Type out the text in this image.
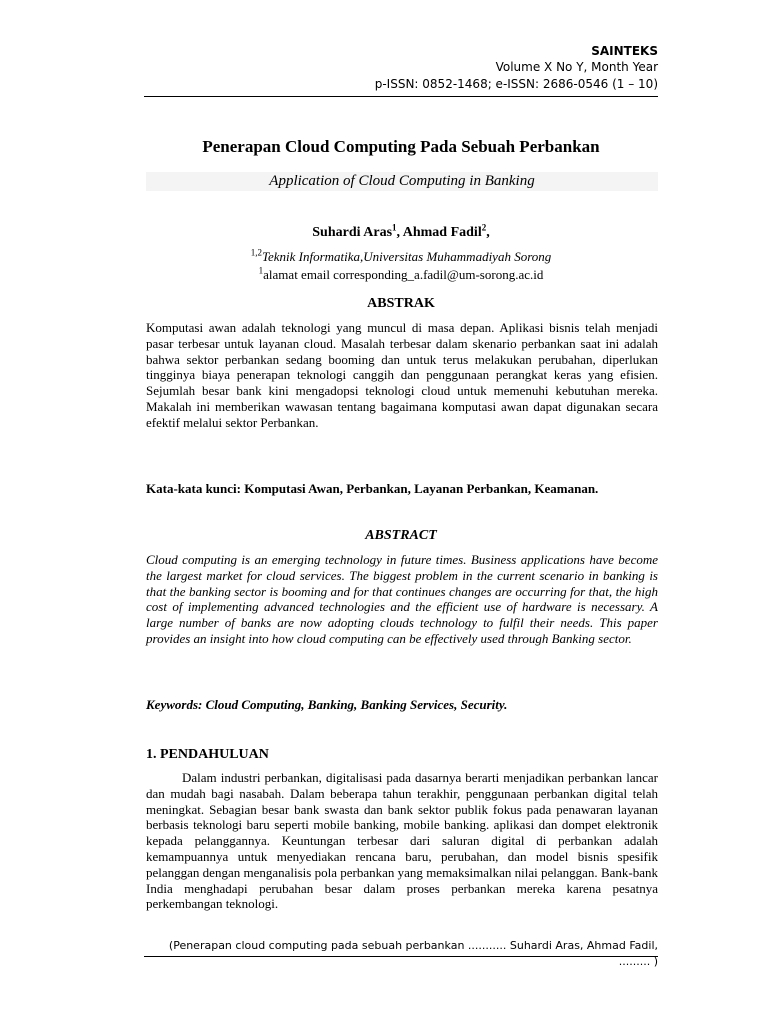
SAINTEKS
Volume X No Y, Month Year
p-ISSN: 0852-1468; e-ISSN: 2686-0546 (1 – 10)
Penerapan Cloud Computing Pada Sebuah Perbankan
Application of Cloud Computing in Banking
Suhardi Aras$^1$, Ahmad Fadil$^2$,
$^{1,2}$Teknik Informatika,Universitas Muhammadiyah Sorong
$^1$alamat email corresponding_a.fadil@um-sorong.ac.id
ABSTRAK

Komputasi awan adalah teknologi yang muncul di masa depan. Aplikasi bisnis telah menjadi pasar terbesar untuk layanan cloud. Masalah terbesar dalam skenario perbankan saat ini adalah bahwa sektor perbankan sedang booming dan untuk terus melakukan perubahan, diperlukan tingginya biaya penerapan teknologi canggih dan penggunaan perangkat keras yang efisien. Sejumlah besar bank kini mengadopsi teknologi cloud untuk memenuhi kebutuhan mereka. Makalah ini memberikan wawasan tentang bagaimana komputasi awan dapat digunakan secara efektif melalui sektor Perbankan.

Kata-kata kunci: Komputasi Awan, Perbankan, Layanan Perbankan, Keamanan.
ABSTRACT

Cloud computing is an emerging technology in future times. Business applications have become the largest market for cloud services. The biggest problem in the current scenario in banking is that the banking sector is booming and for that continues changes are occurring for that, the high cost of implementing advanced technologies and the efficient use of hardware is necessary. A large number of banks are now adopting clouds technology to fulfil their needs. This paper provides an insight into how cloud computing can be effectively used through Banking sector.

Keywords: Cloud Computing, Banking, Banking Services, Security.
1. PENDAHULUAN

Dalam industri perbankan, digitalisasi pada dasarnya berarti menjadikan perbankan lancar dan mudah bagi nasabah. Dalam beberapa tahun terakhir, penggunaan perbankan digital telah meningkat. Sebagian besar bank swasta dan bank sektor publik fokus pada penawaran layanan berbasis teknologi baru seperti mobile banking, mobile banking. aplikasi dan dompet elektronik kepada pelanggannya. Keuntungan terbesar dari saluran digital di perbankan adalah kemampuannya untuk menyediakan rencana baru, perubahan, dan model bisnis spesifik pelanggan dengan menganalisis pola perbankan yang memaksimalkan nilai pelanggan. Bank-bank India menghadapi perubahan besar dalam proses perbankan mereka karena pesatnya perkembangan teknologi.

(Penerapan cloud computing pada sebuah perbankan ........... Suhardi Aras, Ahmad Fadil, ......... )
